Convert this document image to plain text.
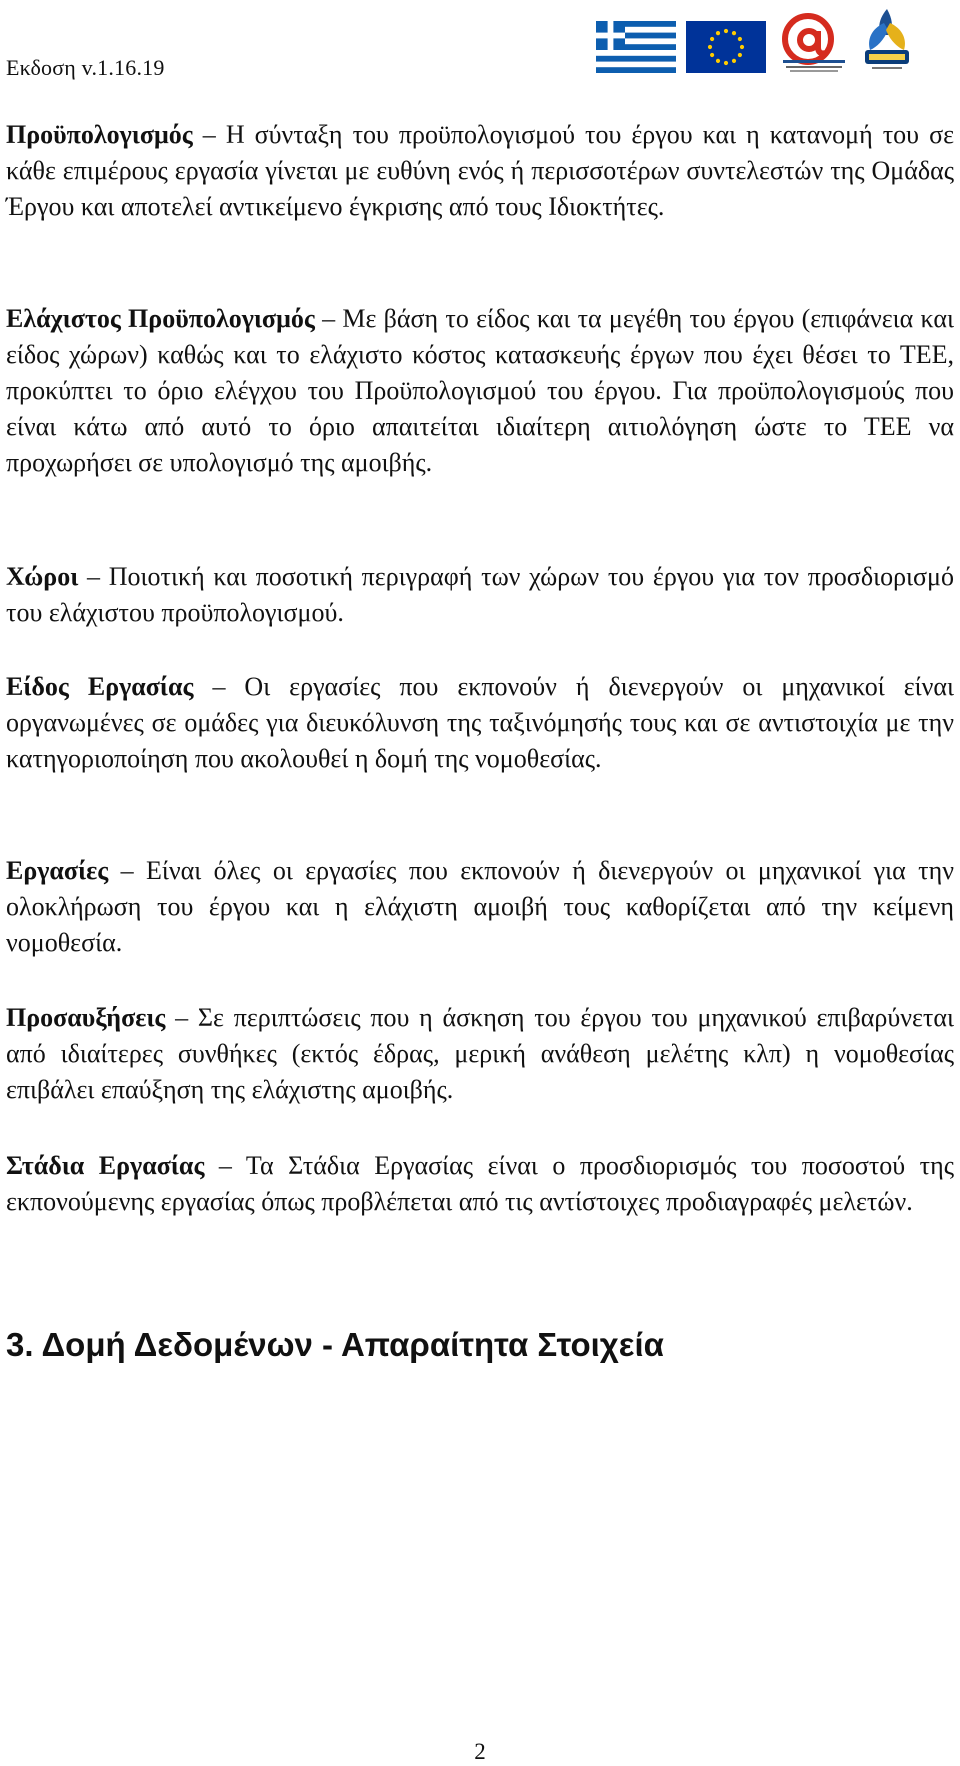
Εκδοση v.1.16.19

Προϋπολογισμός – Η σύνταξη του προϋπολογισμού του έργου και η κατανομή του σε κάθε επιμέρους εργασία γίνεται με ευθύνη ενός ή περισσοτέρων συντελεστών της Ομάδας Έργου και αποτελεί αντικείμενο έγκρισης από τους Ιδιοκτήτες.

Ελάχιστος Προϋπολογισμός – Με βάση το είδος και τα μεγέθη του έργου (επιφάνεια και είδος χώρων) καθώς και το ελάχιστο κόστος κατασκευής έργων που έχει θέσει το ΤΕΕ, προκύπτει το όριο ελέγχου του Προϋπολογισμού του έργου. Για προϋπολογισμούς που είναι κάτω από αυτό το όριο απαιτείται ιδιαίτερη αιτιολόγηση ώστε το ΤΕΕ να προχωρήσει σε υπολογισμό της αμοιβής.

Χώροι – Ποιοτική και ποσοτική περιγραφή των χώρων του έργου για τον προσδιορισμό του ελάχιστου προϋπολογισμού.

Είδος Εργασίας – Οι εργασίες που εκπονούν ή διενεργούν οι μηχανικοί είναι οργανωμένες σε ομάδες για διευκόλυνση της ταξινόμησής τους και σε αντιστοιχία με την κατηγοριοποίηση που ακολουθεί η δομή της νομοθεσίας.

Εργασίες – Είναι όλες οι εργασίες που εκπονούν ή διενεργούν οι μηχανικοί για την ολοκλήρωση του έργου και η ελάχιστη αμοιβή τους καθορίζεται από την κείμενη νομοθεσία.

Προσαυξήσεις – Σε περιπτώσεις που η άσκηση του έργου του μηχανικού επιβαρύνεται από ιδιαίτερες συνθήκες (εκτός έδρας, μερική ανάθεση μελέτης κλπ) η νομοθεσίας επιβάλει επαύξηση της ελάχιστης αμοιβής.

Στάδια Εργασίας – Τα Στάδια Εργασίας είναι ο προσδιορισμός του ποσοστού της εκπονούμενης εργασίας όπως προβλέπεται από τις αντίστοιχες προδιαγραφές μελετών.

3. Δομή Δεδομένων - Απαραίτητα Στοιχεία
2
